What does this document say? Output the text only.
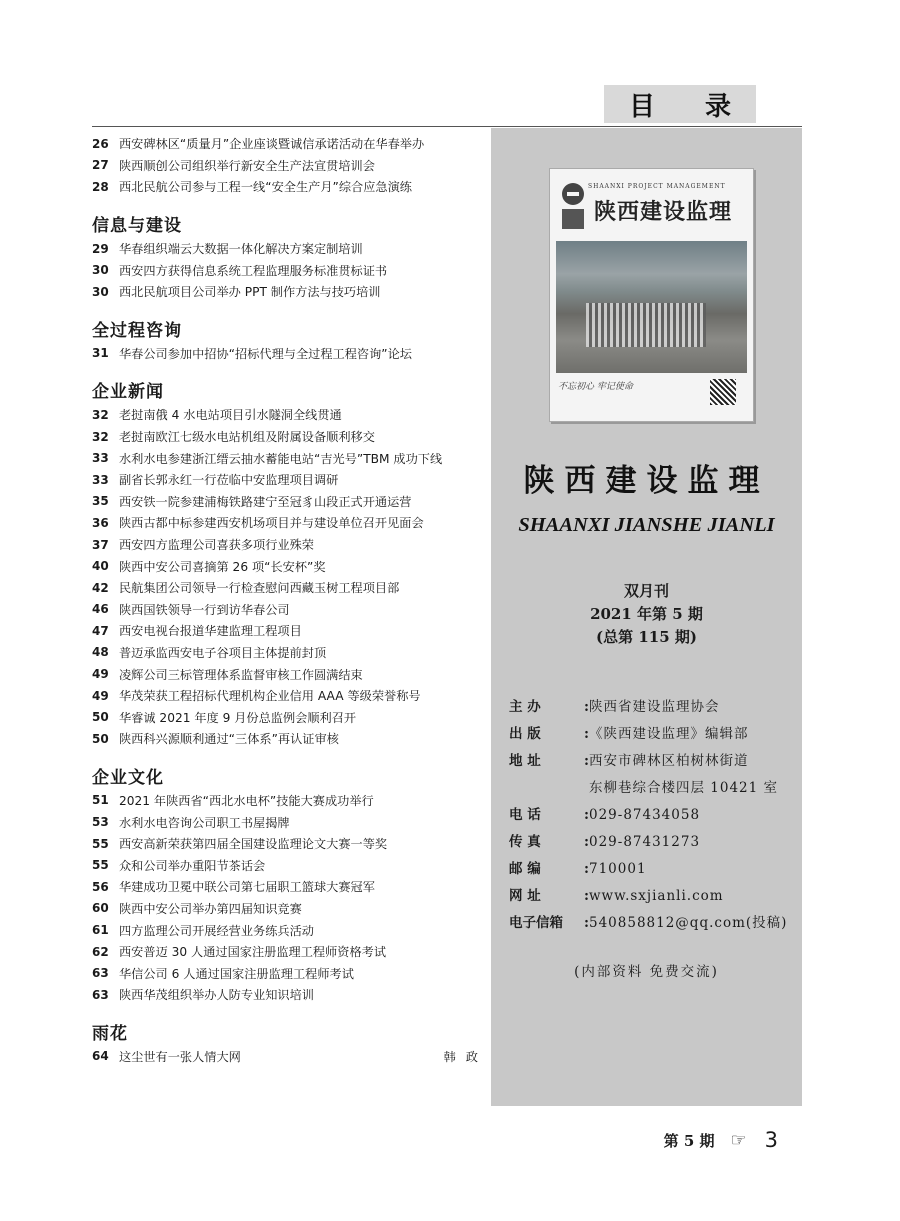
目 录
26 西安碑林区“质量月”企业座谈暨诚信承诺活动在华春举办
27 陕西顺创公司组织举行新安全生产法宣贯培训会
28 西北民航公司参与工程一线“安全生产月”综合应急演练
信息与建设
29 华春组织端云大数据一体化解决方案定制培训
30 西安四方获得信息系统工程监理服务标准贯标证书
30 西北民航项目公司举办 PPT 制作方法与技巧培训
全过程咨询
31 华春公司参加中招协“招标代理与全过程工程咨询”论坛
企业新闻
32 老挝南俄 4 水电站项目引水隧洞全线贯通
32 老挝南欧江七级水电站机组及附属设备顺利移交
33 水利水电参建浙江缙云抽水蓄能电站“吉光号”TBM 成功下线
33 副省长郭永红一行莅临中安监理项目调研
35 西安铁一院参建浦梅铁路建宁至冠豸山段正式开通运营
36 陕西古都中标参建西安机场项目并与建设单位召开见面会
37 西安四方监理公司喜获多项行业殊荣
40 陕西中安公司喜摘第 26 项“长安杯”奖
42 民航集团公司领导一行检查慰问西藏玉树工程项目部
46 陕西国铁领导一行到访华春公司
47 西安电视台报道华建监理工程项目
48 普迈承监西安电子谷项目主体提前封顶
49 凌辉公司三标管理体系监督审核工作圆满结束
49 华茂荣获工程招标代理机构企业信用 AAA 等级荣誉称号
50 华睿诚 2021 年度 9 月份总监例会顺利召开
50 陕西科兴源顺利通过“三体系”再认证审核
企业文化
51 2021 年陕西省“西北水电杯”技能大赛成功举行
53 水利水电咨询公司职工书屋揭牌
55 西安高新荣获第四届全国建设监理论文大赛一等奖
55 众和公司举办重阳节茶话会
56 华建成功卫冕中联公司第七届职工篮球大赛冠军
60 陕西中安公司举办第四届知识竞赛
61 四方监理公司开展经营业务练兵活动
62 西安普迈 30 人通过国家注册监理工程师资格考试
63 华信公司 6 人通过国家注册监理工程师考试
63 陕西华茂组织举办人防专业知识培训
雨花
64 这尘世有一张人情大网	韩政
SHAANXI PROJECT MANAGEMENT
陕西建设监理
不忘初心 牢记使命
陕西建设监理
SHAANXI JIANSHE JIANLI
双月刊
2021 年第 5 期
(总第 115 期)
主 办	: 陕西省建设监理协会
出 版	: 《陕西建设监理》编辑部
地 址	: 西安市碑林区柏树林街道
东柳巷综合楼四层 10421 室
电 话	: 029-87434058
传 真	: 029-87431273
邮 编	: 710001
网 址	: www.sxjianli.com
电子信箱 : 540858812@qq.com(投稿)
(内部资料 免费交流)
第 5 期 ☞ 3
